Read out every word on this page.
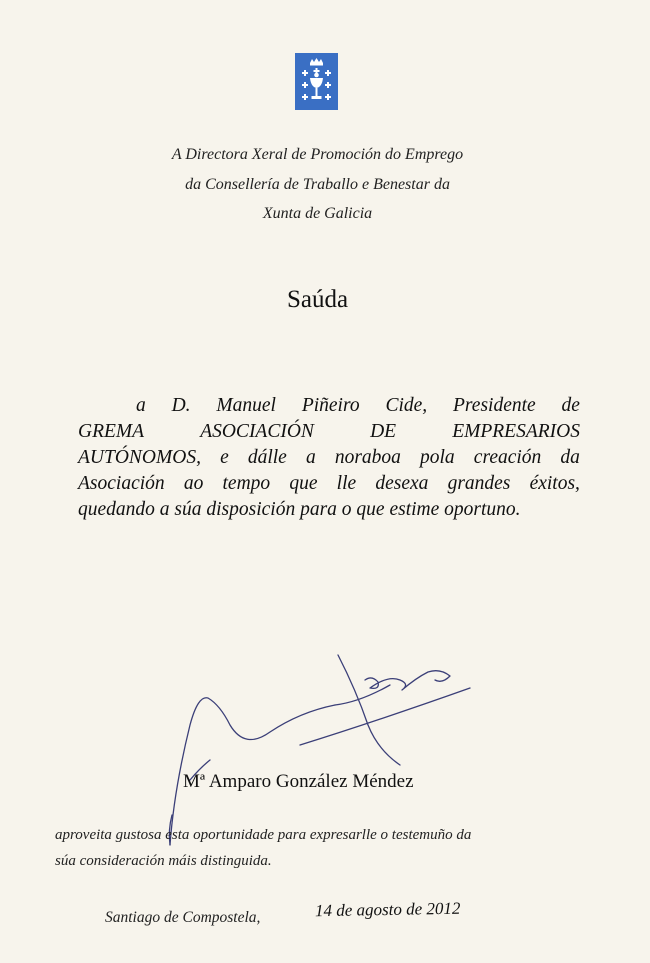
A Directora Xeral de Promoción do Emprego
da Consellería de Traballo e Benestar da
Xunta de Galicia
Saúda
a D. Manuel Piñeiro Cide, Presidente de
GREMA	ASOCIACIÓN	DE	EMPRESARIOS
AUTÓNOMOS, e dálle a noraboa pola creación da
Asociación ao tempo que lle desexa grandes éxitos,
quedando a súa disposición para o que estime oportuno.
Mª Amparo González Méndez
aproveita gustosa esta oportunidade para expresarlle o testemuño da
súa consideración máis distinguida.
Santiago de Compostela,	14 de agosto de 2012
